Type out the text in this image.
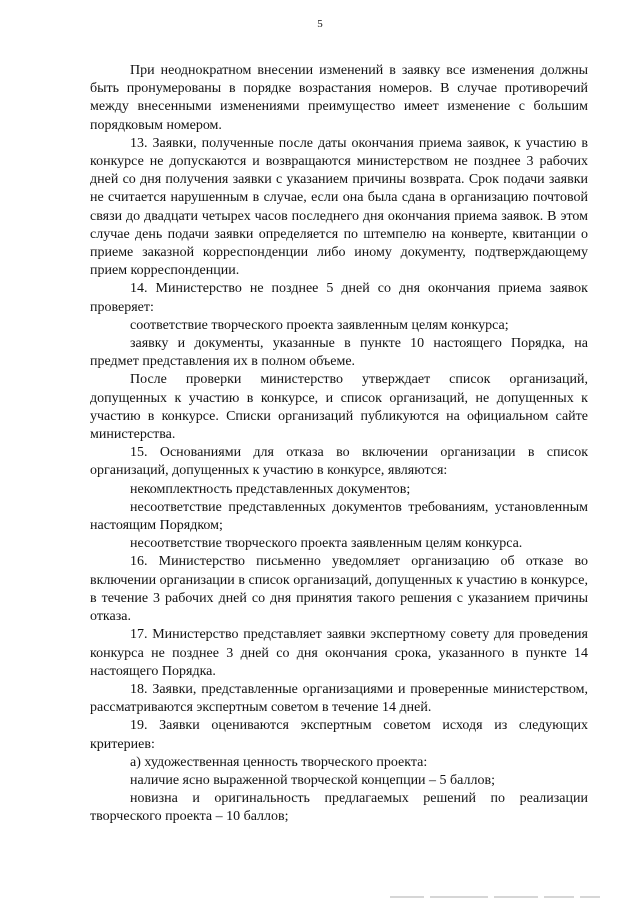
5

При неоднократном внесении изменений в заявку все изменения должны быть пронумерованы в порядке возрастания номеров. В случае противоречий между внесенными изменениями преимущество имеет изменение с большим порядковым номером.

13. Заявки, полученные после даты окончания приема заявок, к участию в конкурсе не допускаются и возвращаются министерством не позднее 3 рабочих дней со дня получения заявки с указанием причины возврата. Срок подачи заявки не считается нарушенным в случае, если она была сдана в организацию почтовой связи до двадцати четырех часов последнего дня окончания приема заявок. В этом случае день подачи заявки определяется по штемпелю на конверте, квитанции о приеме заказной корреспонденции либо иному документу, подтверждающему прием корреспонденции.

14. Министерство не позднее 5 дней со дня окончания приема заявок проверяет:

соответствие творческого проекта заявленным целям конкурса;

заявку и документы, указанные в пункте 10 настоящего Порядка, на предмет представления их в полном объеме.

После проверки министерство утверждает список организаций, допущенных к участию в конкурсе, и список организаций, не допущенных к участию в конкурсе. Списки организаций публикуются на официальном сайте министерства.

15. Основаниями для отказа во включении организации в список организаций, допущенных к участию в конкурсе, являются:

некомплектность представленных документов;

несоответствие представленных документов требованиям, установленным настоящим Порядком;

несоответствие творческого проекта заявленным целям конкурса.

16. Министерство письменно уведомляет организацию об отказе во включении организации в список организаций, допущенных к участию в конкурсе, в течение 3 рабочих дней со дня принятия такого решения с указанием причины отказа.

17. Министерство представляет заявки экспертному совету для проведения конкурса не позднее 3 дней со дня окончания срока, указанного в пункте 14 настоящего Порядка.

18. Заявки, представленные организациями и проверенные министерством, рассматриваются экспертным советом в течение 14 дней.

19. Заявки оцениваются экспертным советом исходя из следующих критериев:

а) художественная ценность творческого проекта:

наличие ясно выраженной творческой концепции – 5 баллов;

новизна и оригинальность предлагаемых решений по реализации творческого проекта – 10 баллов;
